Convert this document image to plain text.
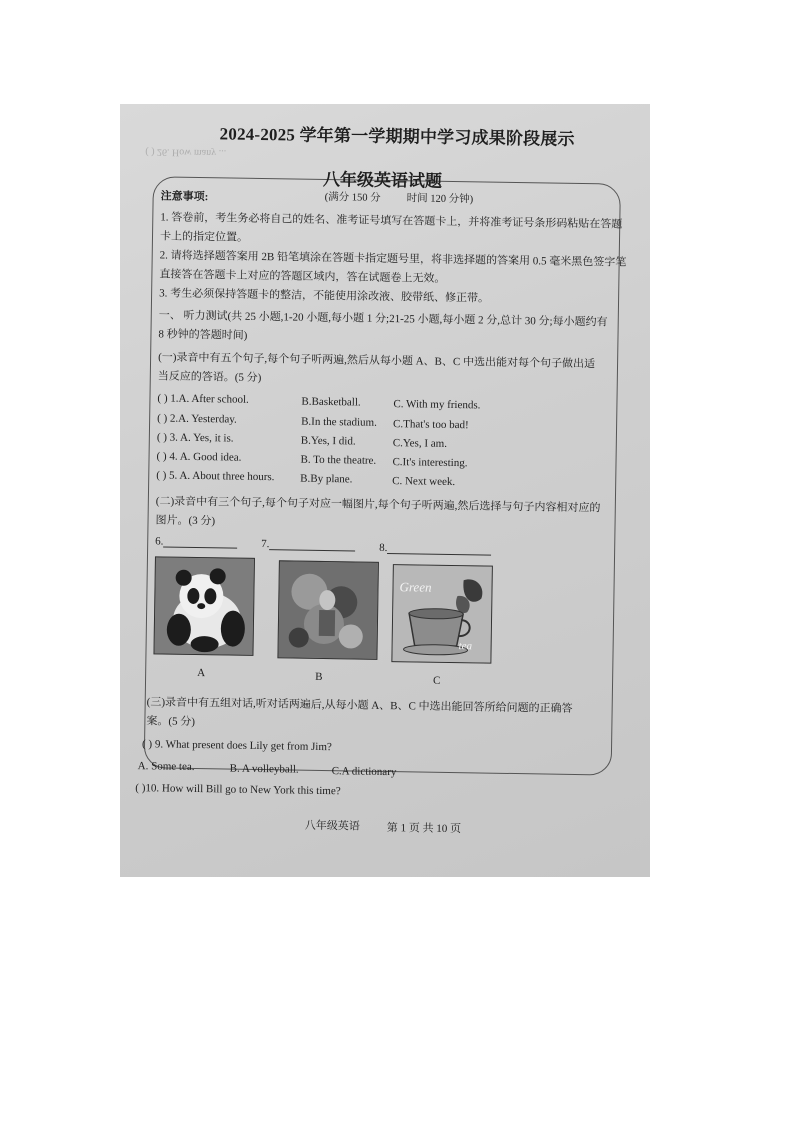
( ) 26. How many ...
2024-2025 学年第一学期期中学习成果阶段展示
八年级英语试题
(满分 150 分 时间 120 分钟)
注意事项:
1. 答卷前，考生务必将自己的姓名、准考证号填写在答题卡上，并将准考证号条形码粘贴在答题
卡上的指定位置。
2. 请将选择题答案用 2B 铅笔填涂在答题卡指定题号里，将非选择题的答案用 0.5 毫米黑色签字笔
直接答在答题卡上对应的答题区域内，答在试题卷上无效。
3. 考生必须保持答题卡的整洁，不能使用涂改液、胶带纸、修正带。
一、 听力测试(共 25 小题,1-20 小题,每小题 1 分;21-25 小题,每小题 2 分,总计 30 分;每小题约有
8 秒钟的答题时间)
(一)录音中有五个句子,每个句子听两遍,然后从每小题 A、B、C 中选出能对每个句子做出适
当反应的答语。(5 分)
( ) 1.A. After school.	B.Basketball.	C. With my friends.
( ) 2.A. Yesterday.	B.In the stadium. C.That's too bad!
( ) 3. A. Yes, it is.	B.Yes, I did.	C.Yes, I am.
( ) 4. A. Good idea.	B. To the theatre. C.It's interesting.
( ) 5. A. About three hours. B.By plane.	C. Next week.
(二)录音中有三个句子,每个句子对应一幅图片,每个句子听两遍,然后选择与句子内容相对应的
图片。(3 分)
6.	7.	8.
Green
tea
A	B	C
(三)录音中有五组对话,听对话两遍后,从每小题 A、B、C 中选出能回答所给问题的正确答
案。(5 分)
( ) 9. What present does Lily get from Jim?
A. Some tea.	B. A volleyball.	C.A dictionary
( )10. How will Bill go to New York this time?
八年级英语 第 1 页 共 10 页
